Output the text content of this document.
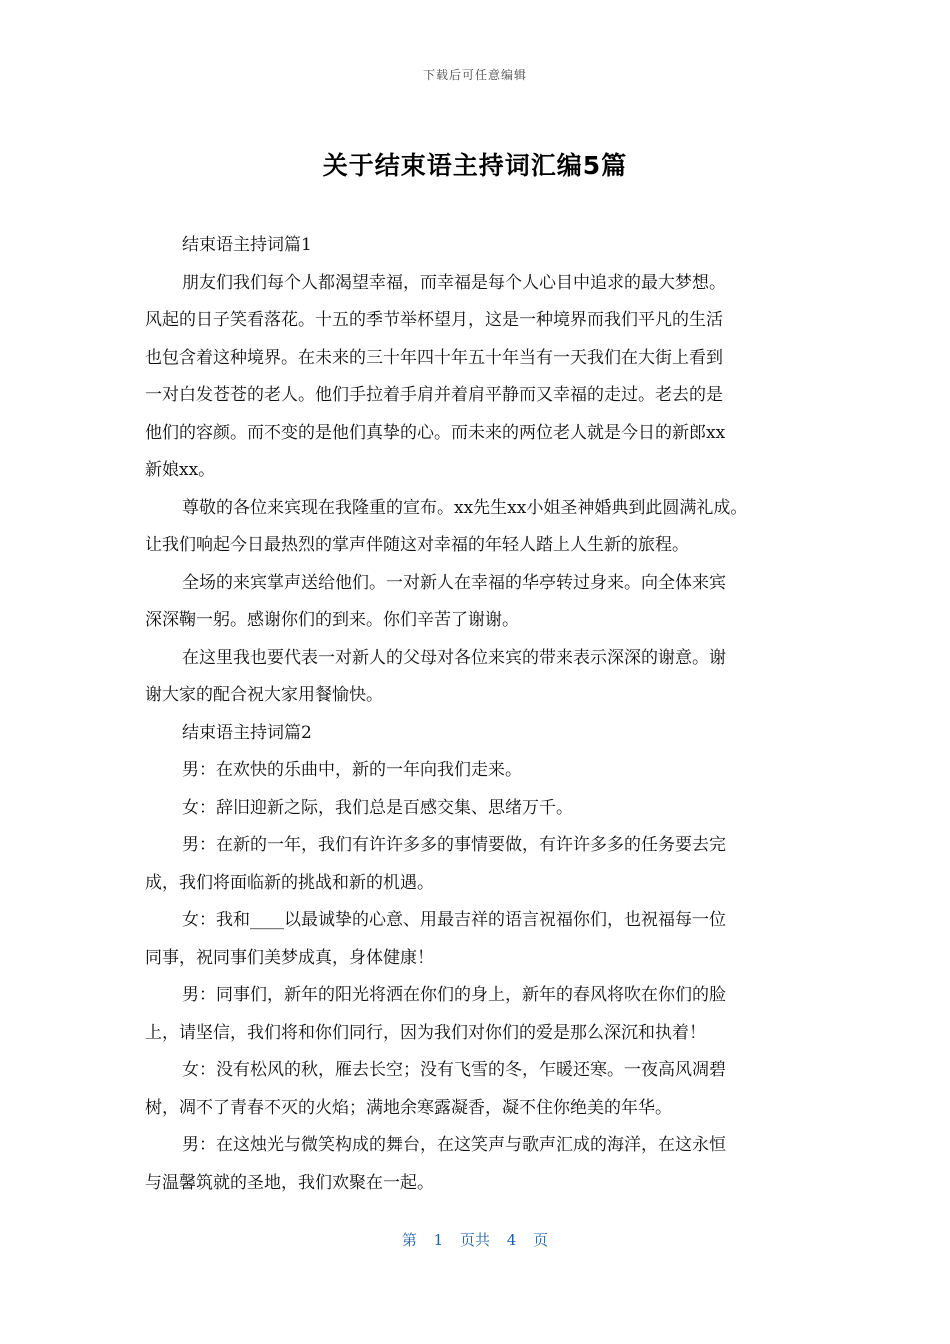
下载后可任意编辑
关于结束语主持词汇编5篇
结束语主持词篇1
朋友们我们每个人都渴望幸福，而幸福是每个人心目中追求的最大梦想。
风起的日子笑看落花。十五的季节举杯望月，这是一种境界而我们平凡的生活
也包含着这种境界。在未来的三十年四十年五十年当有一天我们在大街上看到
一对白发苍苍的老人。他们手拉着手肩并着肩平静而又幸福的走过。老去的是
他们的容颜。而不变的是他们真挚的心。而未来的两位老人就是今日的新郎xx
新娘xx。
尊敬的各位来宾现在我隆重的宣布。xx先生xx小姐圣神婚典到此圆满礼成。
让我们响起今日最热烈的掌声伴随这对幸福的年轻人踏上人生新的旅程。
全场的来宾掌声送给他们。一对新人在幸福的华亭转过身来。向全体来宾
深深鞠一躬。感谢你们的到来。你们辛苦了谢谢。
在这里我也要代表一对新人的父母对各位来宾的带来表示深深的谢意。谢
谢大家的配合祝大家用餐愉快。
结束语主持词篇2
男：在欢快的乐曲中，新的一年向我们走来。
女：辞旧迎新之际，我们总是百感交集、思绪万千。
男：在新的一年，我们有许许多多的事情要做，有许许多多的任务要去完
成，我们将面临新的挑战和新的机遇。
女：我和____以最诚挚的心意、用最吉祥的语言祝福你们，也祝福每一位
同事，祝同事们美梦成真，身体健康！
男：同事们，新年的阳光将洒在你们的身上，新年的春风将吹在你们的脸
上，请坚信，我们将和你们同行，因为我们对你们的爱是那么深沉和执着！
女：没有松风的秋，雁去长空；没有飞雪的冬，乍暖还寒。一夜高风凋碧
树，凋不了青春不灭的火焰；满地余寒露凝香，凝不住你绝美的年华。
男：在这烛光与微笑构成的舞台，在这笑声与歌声汇成的海洋，在这永恒
与温馨筑就的圣地，我们欢聚在一起。
第 1 页共 4 页
